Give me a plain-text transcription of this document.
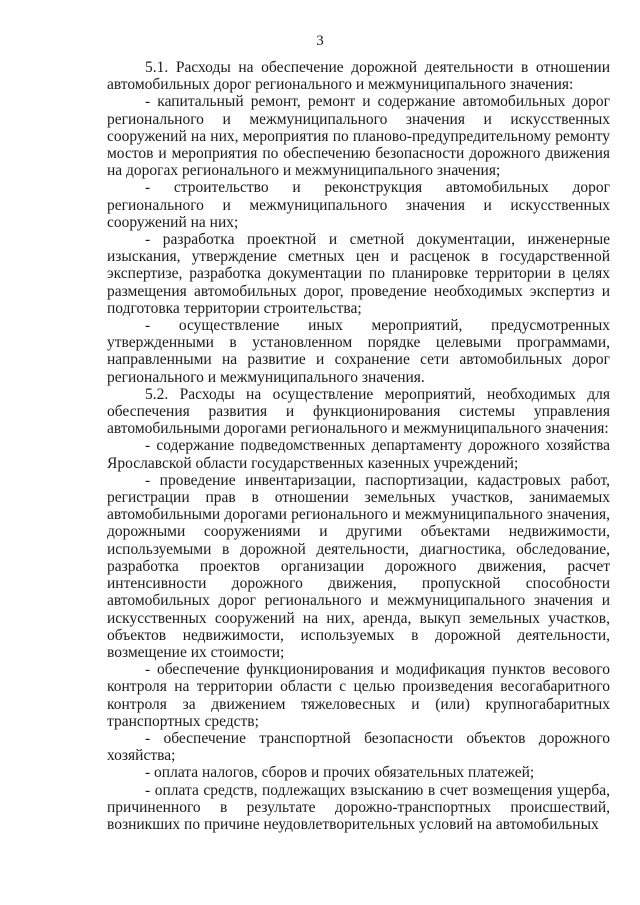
3

5.1. Расходы на обеспечение дорожной деятельности в отношении автомобильных дорог регионального и межмуниципального значения:

- капитальный ремонт, ремонт и содержание автомобильных дорог регионального и межмуниципального значения и искусственных сооружений на них, мероприятия по планово-предупредительному ремонту мостов и мероприятия по обеспечению безопасности дорожного движения на дорогах регионального и межмуниципального значения;

- строительство и реконструкция автомобильных дорог регионального и межмуниципального значения и искусственных сооружений на них;

- разработка проектной и сметной документации, инженерные изыскания, утверждение сметных цен и расценок в государственной экспертизе, разработка документации по планировке территории в целях размещения автомобильных дорог, проведение необходимых экспертиз и подготовка территории строительства;

- осуществление иных мероприятий, предусмотренных утвержденными в установленном порядке целевыми программами, направленными на развитие и сохранение сети автомобильных дорог регионального и межмуниципального значения.

5.2. Расходы на осуществление мероприятий, необходимых для обеспечения развития и функционирования системы управления автомобильными дорогами регионального и межмуниципального значения:

- содержание подведомственных департаменту дорожного хозяйства Ярославской области государственных казенных учреждений;

- проведение инвентаризации, паспортизации, кадастровых работ, регистрации прав в отношении земельных участков, занимаемых автомобильными дорогами регионального и межмуниципального значения, дорожными сооружениями и другими объектами недвижимости, используемыми в дорожной деятельности, диагностика, обследование, разработка проектов организации дорожного движения, расчет интенсивности дорожного движения, пропускной способности автомобильных дорог регионального и межмуниципального значения и искусственных сооружений на них, аренда, выкуп земельных участков, объектов недвижимости, используемых в дорожной деятельности, возмещение их стоимости;

- обеспечение функционирования и модификация пунктов весового контроля на территории области с целью произведения весогабаритного контроля за движением тяжеловесных и (или) крупногабаритных транспортных средств;

- обеспечение транспортной безопасности объектов дорожного хозяйства;

- оплата налогов, сборов и прочих обязательных платежей;

- оплата средств, подлежащих взысканию в счет возмещения ущерба, причиненного в результате дорожно-транспортных происшествий, возникших по причине неудовлетворительных условий на автомобильных
